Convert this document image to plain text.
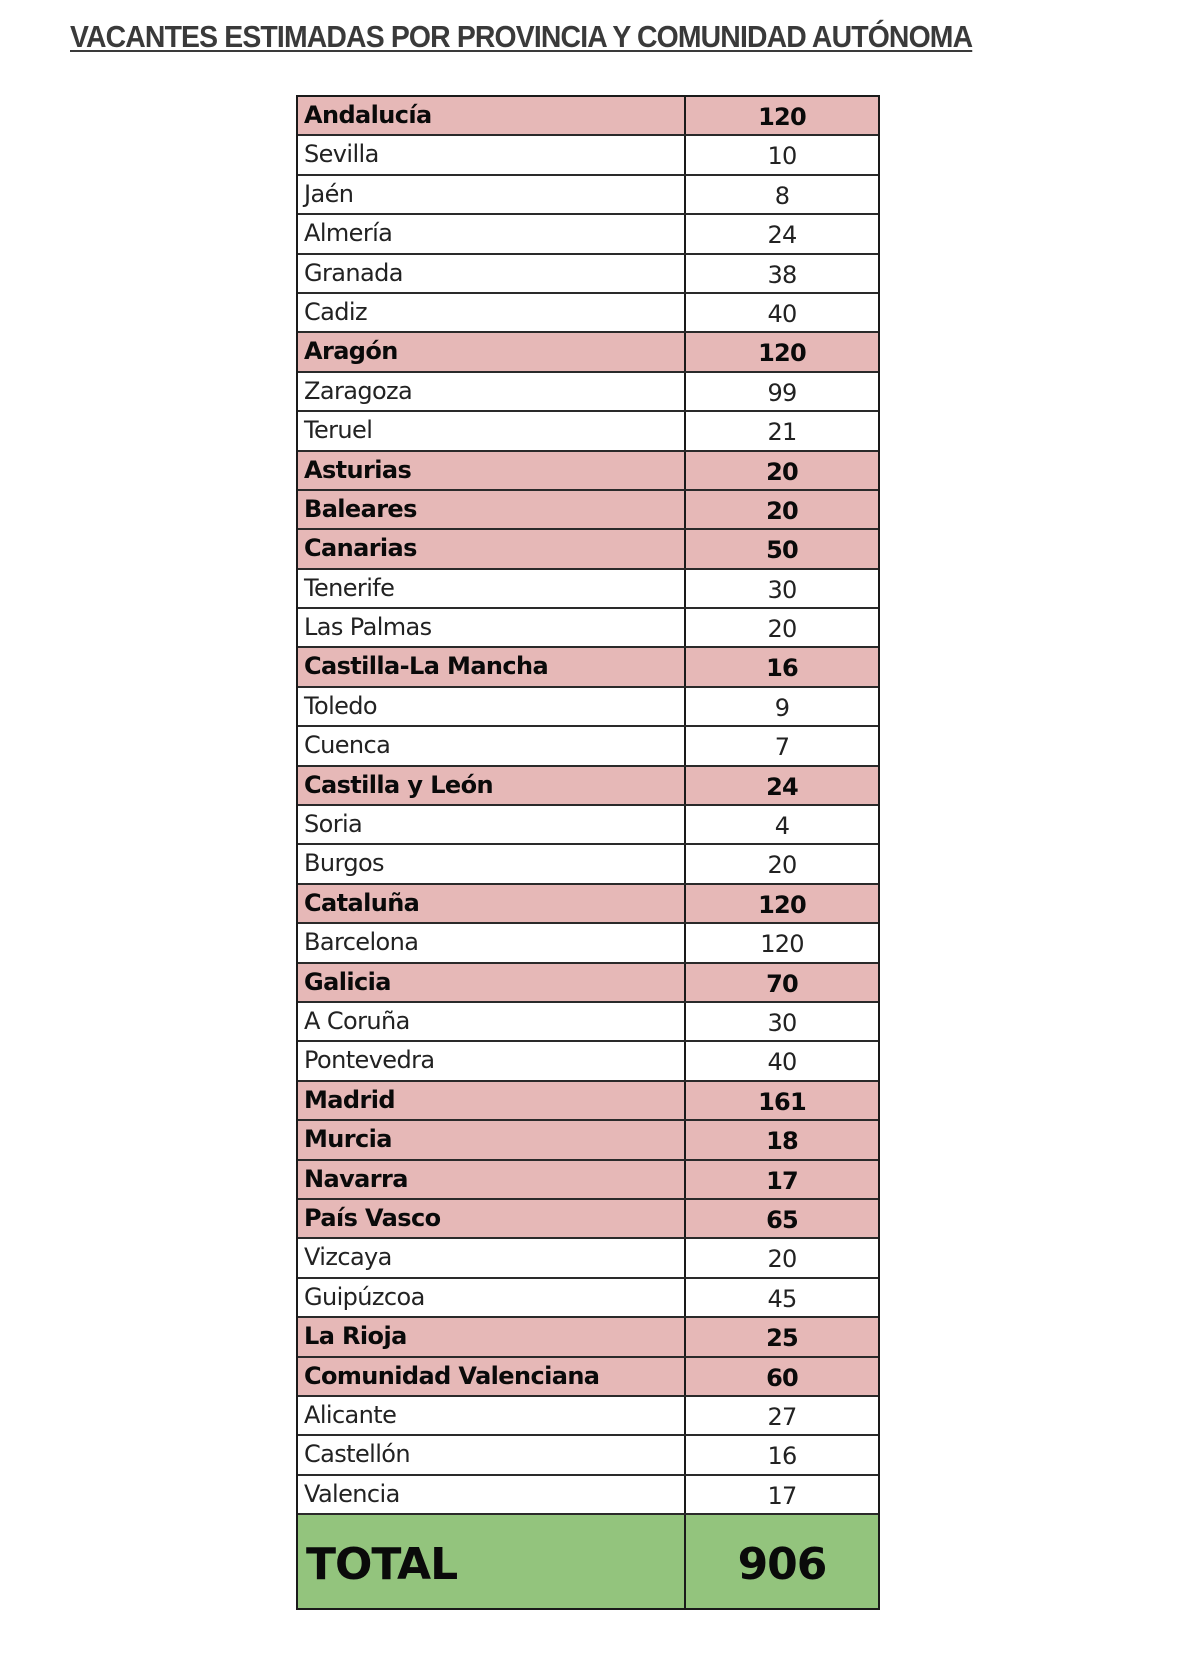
VACANTES ESTIMADAS POR PROVINCIA Y COMUNIDAD AUTÓNOMA
Andalucía	120
Sevilla	10
Jaén	8
Almería	24
Granada	38
Cadiz	40
Aragón	120
Zaragoza	99
Teruel	21
Asturias	20
Baleares	20
Canarias	50
Tenerife	30
Las Palmas	20
Castilla-La Mancha	16
Toledo	9
Cuenca	7
Castilla y León	24
Soria	4
Burgos	20
Cataluña	120
Barcelona	120
Galicia	70
A Coruña	30
Pontevedra	40
Madrid	161
Murcia	18
Navarra	17
País Vasco	65
Vizcaya	20
Guipúzcoa	45
La Rioja	25
Comunidad Valenciana	60
Alicante	27
Castellón	16
Valencia	17
TOTAL	906
